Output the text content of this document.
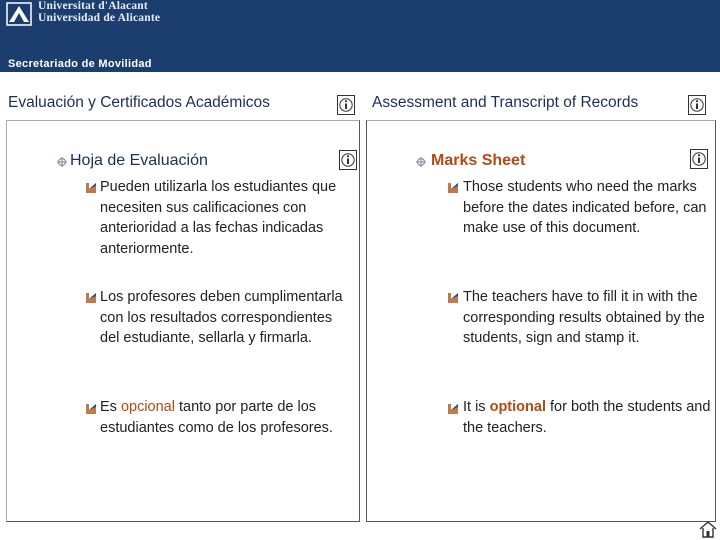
Universitat d'Alacant
Universidad de Alicante
Secretariado de Movilidad
Evaluación y Certificados Académicos	Assessment and Transcript of Records
Hoja de Evaluación
Pueden utilizarla los estudiantes que necesiten sus calificaciones con anterioridad a las fechas indicadas anteriormente.
Los profesores deben cumplimentarla con los resultados correspondientes del estudiante, sellarla y firmarla.
Es opcional tanto por parte de los estudiantes como de los profesores.
Marks Sheet
Those students who need the marks before the dates indicated before, can make use of this document.
The teachers have to fill it in with the corresponding results obtained by the students, sign and stamp it.
It is optional for both the students and the teachers.
